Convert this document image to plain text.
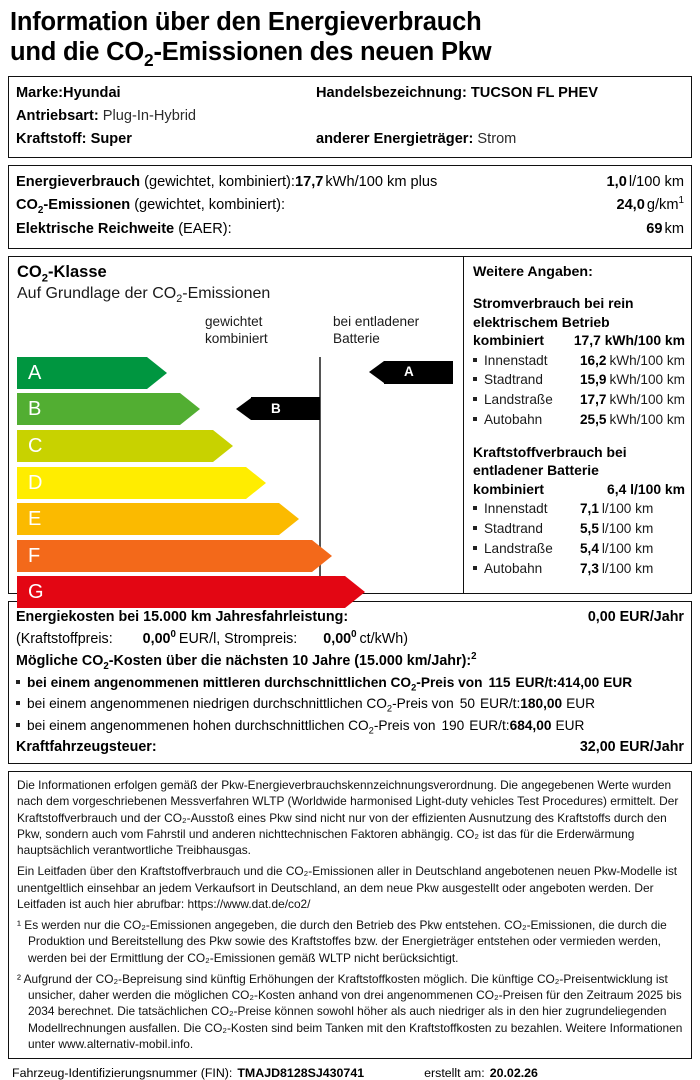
Information über den Energieverbrauch
und die $CO_2$-Emissionen des neuen Pkw
Marke:Hyundai	Handelsbezeichnung: TUCSON FL PHEV
Antriebsart: Plug-In-Hybrid
Kraftstoff: Super	anderer Energieträger: Strom
Energieverbrauch (gewichtet, kombiniert): 17,7 kWh/100 km plus	1,0 l/100 km
$CO_2$-Emissionen (gewichtet, kombiniert):	24,0 $g/km^1$
Elektrische Reichweite (EAER):	69 km
$CO_2$-Klasse
Auf Grundlage der $CO_2$-Emissionen
gewichtet
kombiniert
bei entladener
Batterie
A	A
B	B
C
D
E
F
G
Weitere Angaben:
Stromverbrauch bei rein
elektrischem Betrieb
kombiniert	17,7 kWh/100 km
Innenstadt	16,2 kWh/100 km
Stadtrand	15,9 kWh/100 km
Landstraße	17,7 kWh/100 km
Autobahn	25,5 kWh/100 km
Kraftstoffverbrauch bei
entladener Batterie
kombiniert	6,4 l/100 km
Innenstadt	7,1 l/100 km
Stadtrand	5,5 l/100 km
Landstraße	5,4 l/100 km
Autobahn	7,3 l/100 km
Energiekosten bei 15.000 km Jahresfahrleistung:	0,00 EUR/Jahr
(Kraftstoffpreis:	0,00$^0$ EUR/l, Strompreis:	0,00$^0$ ct/kWh)
Mögliche $CO_2$-Kosten über die nächsten 10 Jahre (15.000 km/Jahr):$^2$
bei einem angenommenen mittleren durchschnittlichen $CO_2$-Preis von 115 EUR/t: 414,00 EUR
bei einem angenommenen niedrigen durchschnittlichen $CO_2$-Preis von 50 EUR/t: 180,00 EUR
bei einem angenommenen hohen durchschnittlichen $CO_2$-Preis von 190 EUR/t: 684,00 EUR
Kraftfahrzeugsteuer:	32,00 EUR/Jahr

Die Informationen erfolgen gemäß der Pkw-Energieverbrauchskennzeichnungsverordnung. Die angegebenen Werte wurden nach dem vorgeschriebenen Messverfahren WLTP (Worldwide harmonised Light-duty vehicles Test Procedures) ermittelt. Der Kraftstoffverbrauch und der CO₂-Ausstoß eines Pkw sind nicht nur von der effizienten Ausnutzung des Kraftstoffs durch den Pkw, sondern auch vom Fahrstil und anderen nichttechnischen Faktoren abhängig. CO₂ ist das für die Erderwärmung hauptsächlich verantwortliche Treibhausgas.

Ein Leitfaden über den Kraftstoffverbrauch und die CO₂-Emissionen aller in Deutschland angebotenen neuen Pkw-Modelle ist unentgeltlich einsehbar an jedem Verkaufsort in Deutschland, an dem neue Pkw ausgestellt oder angeboten werden. Der Leitfaden ist auch hier abrufbar: https://www.dat.de/co2/

¹ Es werden nur die CO₂-Emissionen angegeben, die durch den Betrieb des Pkw entstehen. CO₂-Emissionen, die durch die Produktion und Bereitstellung des Pkw sowie des Kraftstoffes bzw. der Energieträger entstehen oder vermieden werden, werden bei der Ermittlung der CO₂-Emissionen gemäß WLTP nicht berücksichtigt.
² Aufgrund der CO₂-Bepreisung sind künftig Erhöhungen der Kraftstoffkosten möglich. Die künftige CO₂-Preisentwicklung ist unsicher, daher werden die möglichen CO₂-Kosten anhand von drei angenommenen CO₂-Preisen für den Zeitraum 2025 bis 2034 berechnet. Die tatsächlichen CO₂-Preise können sowohl höher als auch niedriger als in den hier zugrundeliegenden Modellrechnungen ausfallen. Die CO₂-Kosten sind beim Tanken mit den Kraftstoffkosten zu bezahlen. Weitere Informationen unter www.alternativ-mobil.info.
Fahrzeug-Identifizierungsnummer (FIN): TMAJD8128SJ430741	erstellt am: 20.02.26
